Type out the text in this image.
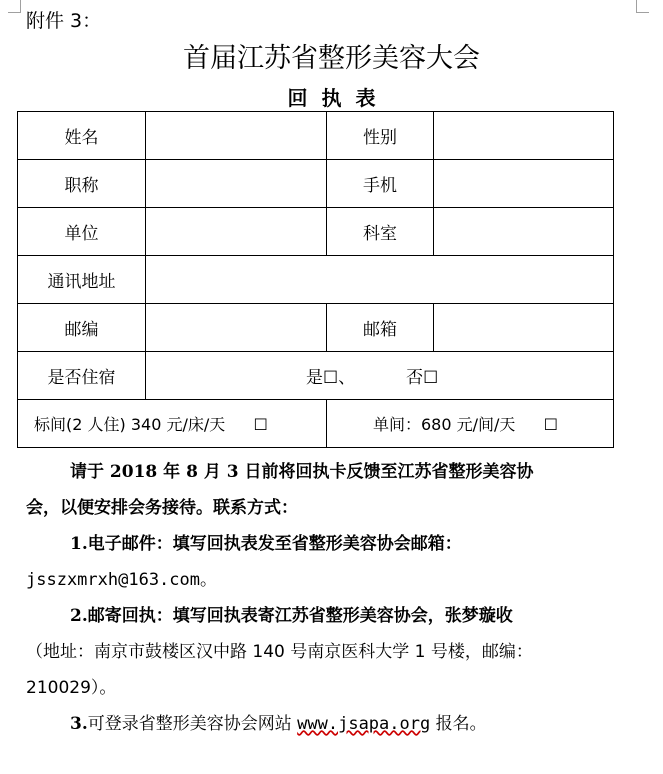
附件 3：
首届江苏省整形美容大会
回执表
姓名		性别	
职称		手机	
单位		科室	
通讯地址			
邮编		邮箱	
是否住宿	是☐、 否☐		
标间(2 人住) 340 元/床/天 ☐		单间：680 元/间/天 ☐	
请于 2018 年 8 月 3 日前将回执卡反馈至江苏省整形美容协
会，以便安排会务接待。联系方式：
1.电子邮件：填写回执表发至省整形美容协会邮箱：
jsszxmrxh@163.com。
2.邮寄回执：填写回执表寄江苏省整形美容协会，张梦璇收
（地址：南京市鼓楼区汉中路 140 号南京医科大学 1 号楼，邮编：
210029）。
3.可登录省整形美容协会网站 www.jsapa.org 报名。
